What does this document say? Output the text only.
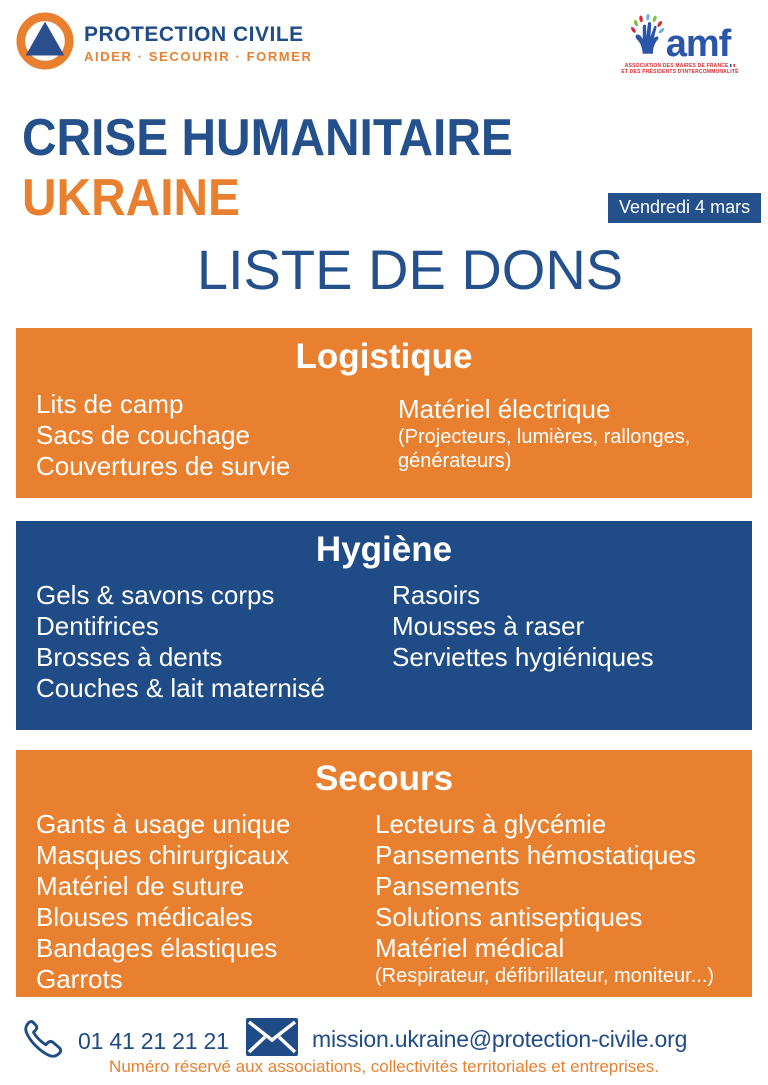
PROTECTION CIVILE
AIDER · SECOURIR · FORMER	amf
ASSOCIATION DES MAIRES DE FRANCE
ET DES PRÉSIDENTS D'INTERCOMMUNALITÉ
CRISE HUMANITAIRE
UKRAINE	Vendredi 4 mars
LISTE DE DONS
Logistique
Lits de camp
Sacs de couchage
Couvertures de survie
Matériel électrique
(Projecteurs, lumières, rallonges,
générateurs)
Hygiène
Gels & savons corps
Dentifrices
Brosses à dents
Couches & lait maternisé
Rasoirs
Mousses à raser
Serviettes hygiéniques
Secours
Gants à usage unique
Masques chirurgicaux
Matériel de suture
Blouses médicales
Bandages élastiques
Garrots
Lecteurs à glycémie
Pansements hémostatiques
Pansements
Solutions antiseptiques
Matériel médical
(Respirateur, défibrillateur, moniteur...)
01 41 21 21 21	mission.ukraine@protection-civile.org
Numéro réservé aux associations, collectivités territoriales et entreprises.
